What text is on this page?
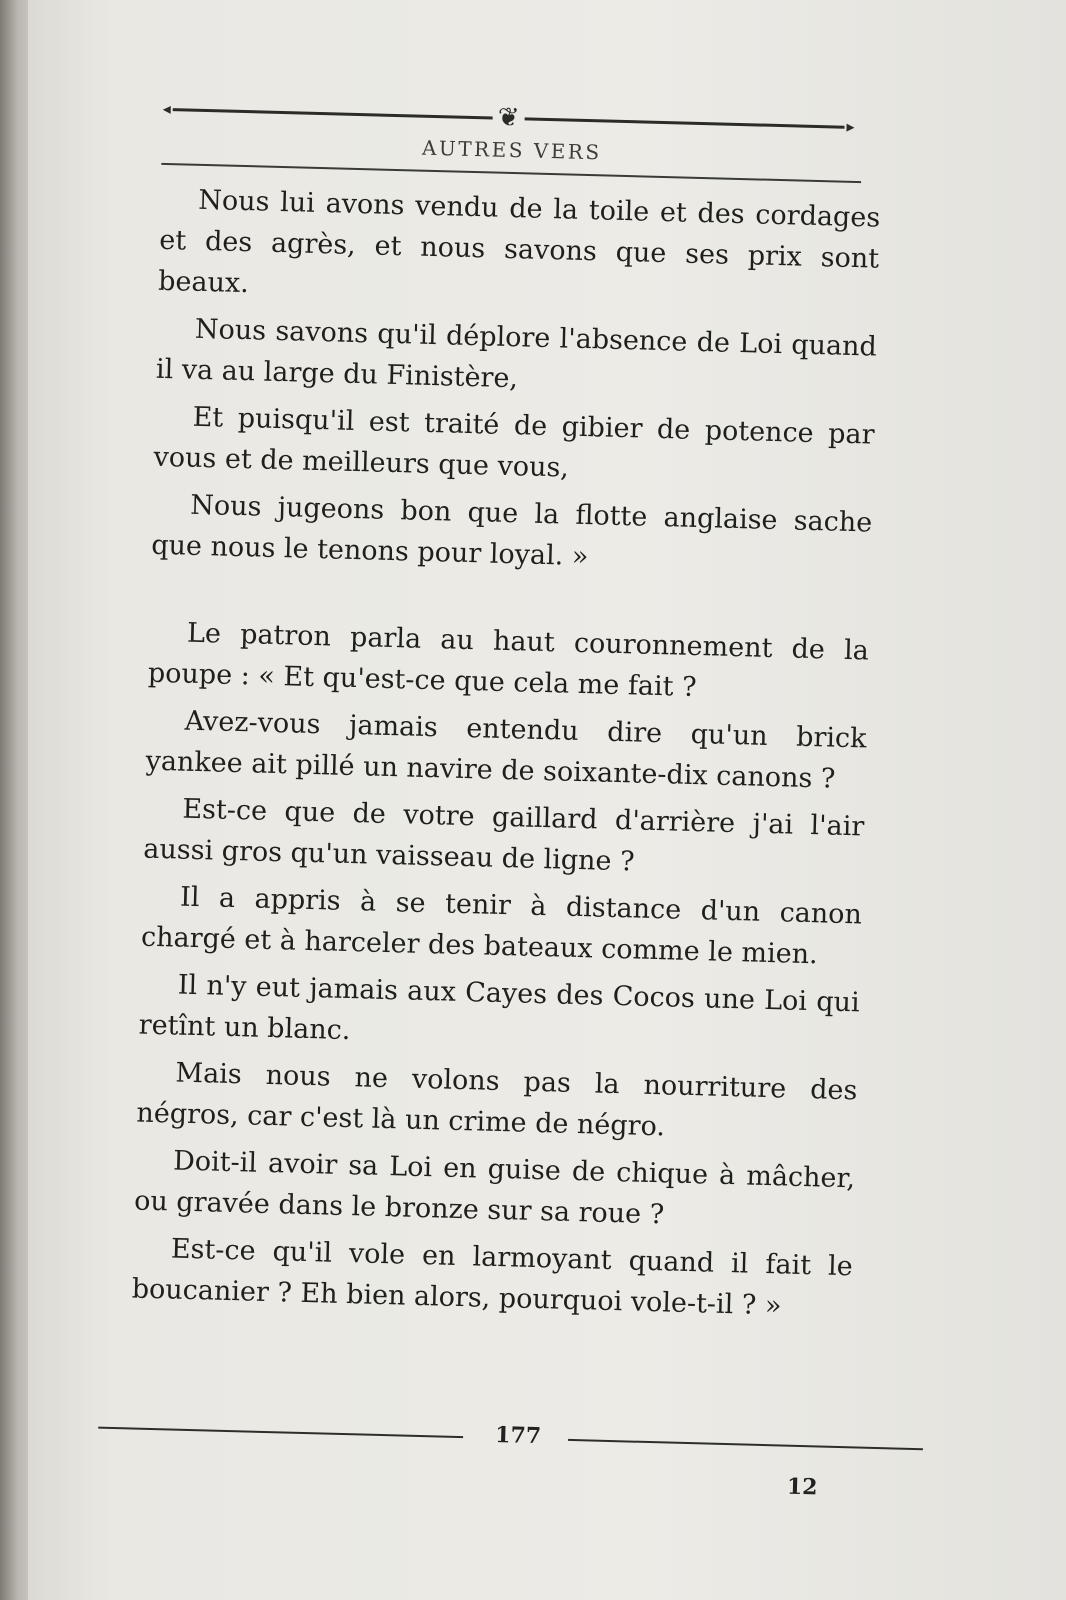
◂	❦	▸
AUTRES VERS

Nous lui avons vendu de la toile et des cordages et des agrès, et nous savons que ses prix sont beaux.

Nous savons qu'il déplore l'absence de Loi quand il va au large du Finistère,

Et puisqu'il est traité de gibier de potence par vous et de meilleurs que vous,

Nous jugeons bon que la flotte anglaise sache que nous le tenons pour loyal. »

Le patron parla au haut couronnement de la poupe : « Et qu'est-ce que cela me fait ?

Avez-vous jamais entendu dire qu'un brick yankee ait pillé un navire de soixante-dix canons ?

Est-ce que de votre gaillard d'arrière j'ai l'air aussi gros qu'un vaisseau de ligne ?

Il a appris à se tenir à distance d'un canon chargé et à harceler des bateaux comme le mien.

Il n'y eut jamais aux Cayes des Cocos une Loi qui retînt un blanc.

Mais nous ne volons pas la nourriture des négros, car c'est là un crime de négro.

Doit-il avoir sa Loi en guise de chique à mâcher, ou gravée dans le bronze sur sa roue ?

Est-ce qu'il vole en larmoyant quand il fait le boucanier ? Eh bien alors, pourquoi vole-t-il ? »

177
12
